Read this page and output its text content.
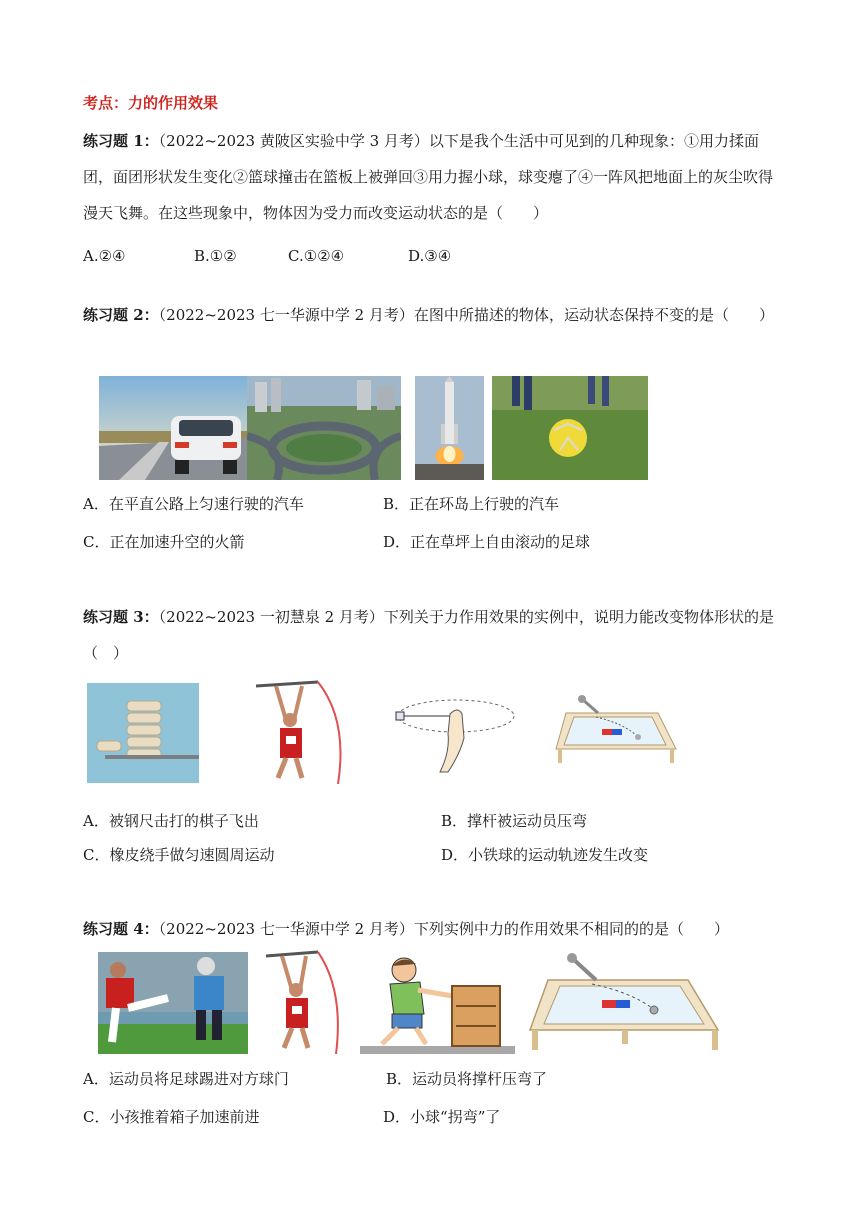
考点：力的作用效果
练习题 1：（2022~2023 黄陂区实验中学 3 月考）以下是我个生活中可见到的几种现象：①用力揉面团，面团形状发生变化②篮球撞击在篮板上被弹回③用力握小球，球变瘪了④一阵风把地面上的灰尘吹得漫天飞舞。在这些现象中，物体因为受力而改变运动状态的是（　　）
A.②④	B.①②	C.①②④	D.③④
练习题 2：（2022~2023 七一华源中学 2 月考）在图中所描述的物体，运动状态保持不变的是（　　）
A．在平直公路上匀速行驶的汽车	B．正在环岛上行驶的汽车
C．正在加速升空的火箭	D．正在草坪上自由滚动的足球
练习题 3：（2022~2023 一初慧泉 2 月考）下列关于力作用效果的实例中，说明力能改变物体形状的是（　）
A．被钢尺击打的棋子飞出	B．撑杆被运动员压弯
C．橡皮绕手做匀速圆周运动	D．小铁球的运动轨迹发生改变
练习题 4：（2022~2023 七一华源中学 2 月考）下列实例中力的作用效果不相同的的是（　　）
A．运动员将足球踢进对方球门	B．运动员将撑杆压弯了
C．小孩推着箱子加速前进	D．小球“拐弯”了
